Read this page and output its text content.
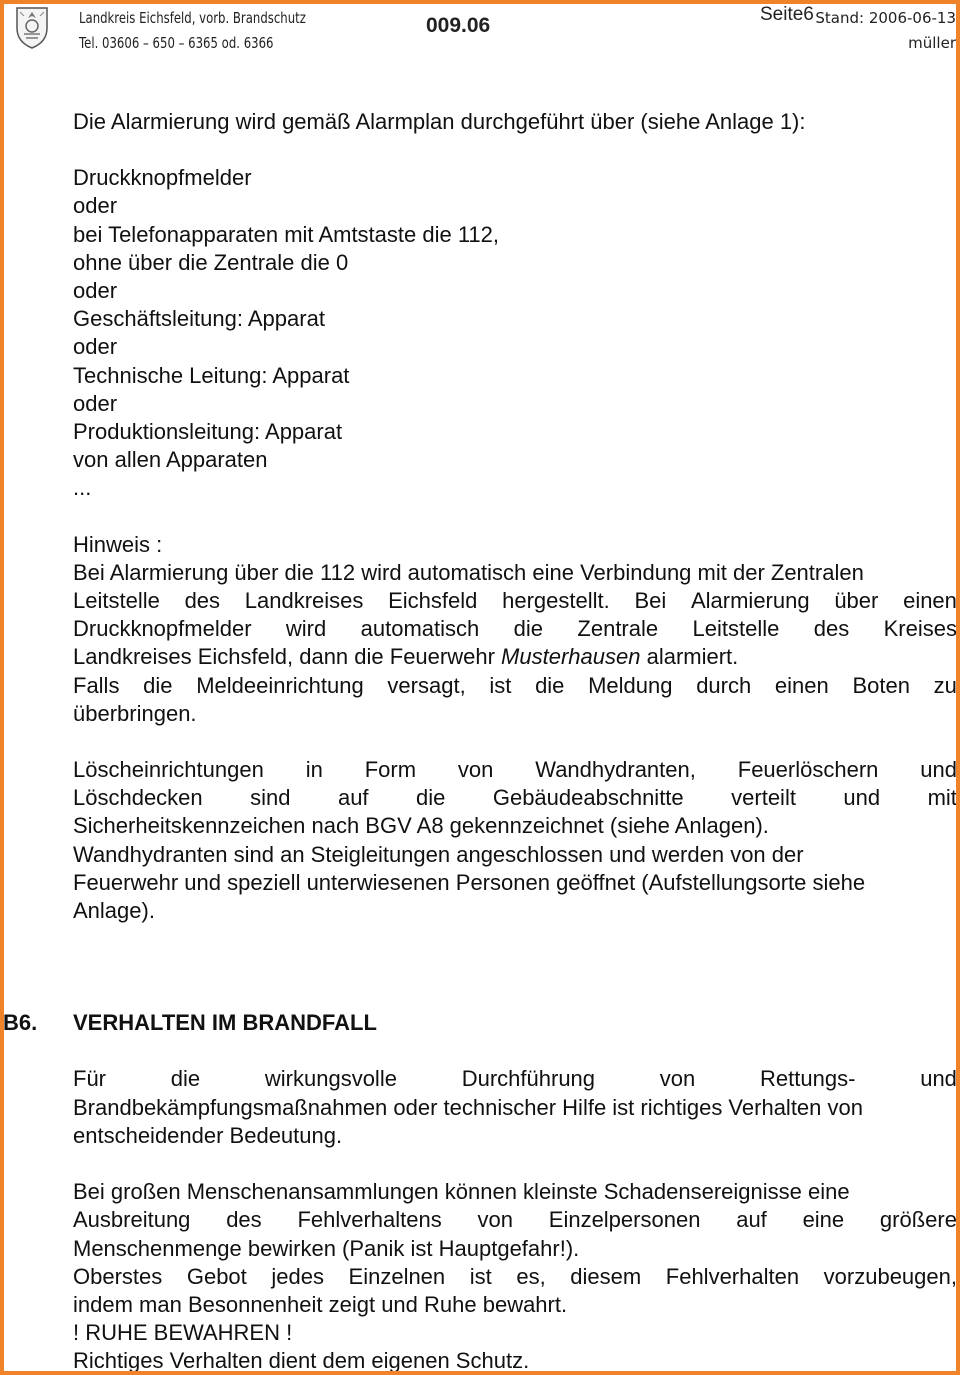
Landkreis Eichsfeld, vorb. Brandschutz
Tel. 03606 – 650 – 6365 od. 6366
009.06	Seite6 Stand: 2006-06-13
müller
Die Alarmierung wird gemäß Alarmplan durchgeführt über (siehe Anlage 1):
Druckknopfmelder
oder
bei Telefonapparaten mit Amtstaste die 112,
ohne über die Zentrale die 0
oder
Geschäftsleitung: Apparat
oder
Technische Leitung: Apparat
oder
Produktionsleitung: Apparat
von allen Apparaten
...
Hinweis :
Bei Alarmierung über die 112 wird automatisch eine Verbindung mit der Zentralen
Leitstelle des Landkreises Eichsfeld hergestellt. Bei Alarmierung über einen
Druckknopfmelder wird automatisch die Zentrale Leitstelle des Kreises
Landkreises Eichsfeld, dann die Feuerwehr Musterhausen alarmiert.
Falls die Meldeeinrichtung versagt, ist die Meldung durch einen Boten zu
überbringen.
Löscheinrichtungen in Form von Wandhydranten, Feuerlöschern und
Löschdecken sind auf die Gebäudeabschnitte verteilt und mit
Sicherheitskennzeichen nach BGV A8 gekennzeichnet (siehe Anlagen).
Wandhydranten sind an Steigleitungen angeschlossen und werden von der
Feuerwehr und speziell unterwiesenen Personen geöffnet (Aufstellungsorte siehe
Anlage).
B6. VERHALTEN IM BRANDFALL
Für	die	wirkungsvolle	Durchführung	von	Rettungs-	und
Brandbekämpfungsmaßnahmen oder technischer Hilfe ist richtiges Verhalten von
entscheidender Bedeutung.
Bei großen Menschenansammlungen können kleinste Schadensereignisse eine
Ausbreitung des Fehlverhaltens von Einzelpersonen auf eine größere
Menschenmenge bewirken (Panik ist Hauptgefahr!).
Oberstes Gebot jedes Einzelnen ist es, diesem Fehlverhalten vorzubeugen,
indem man Besonnenheit zeigt und Ruhe bewahrt.
! RUHE BEWAHREN !
Richtiges Verhalten dient dem eigenen Schutz.
